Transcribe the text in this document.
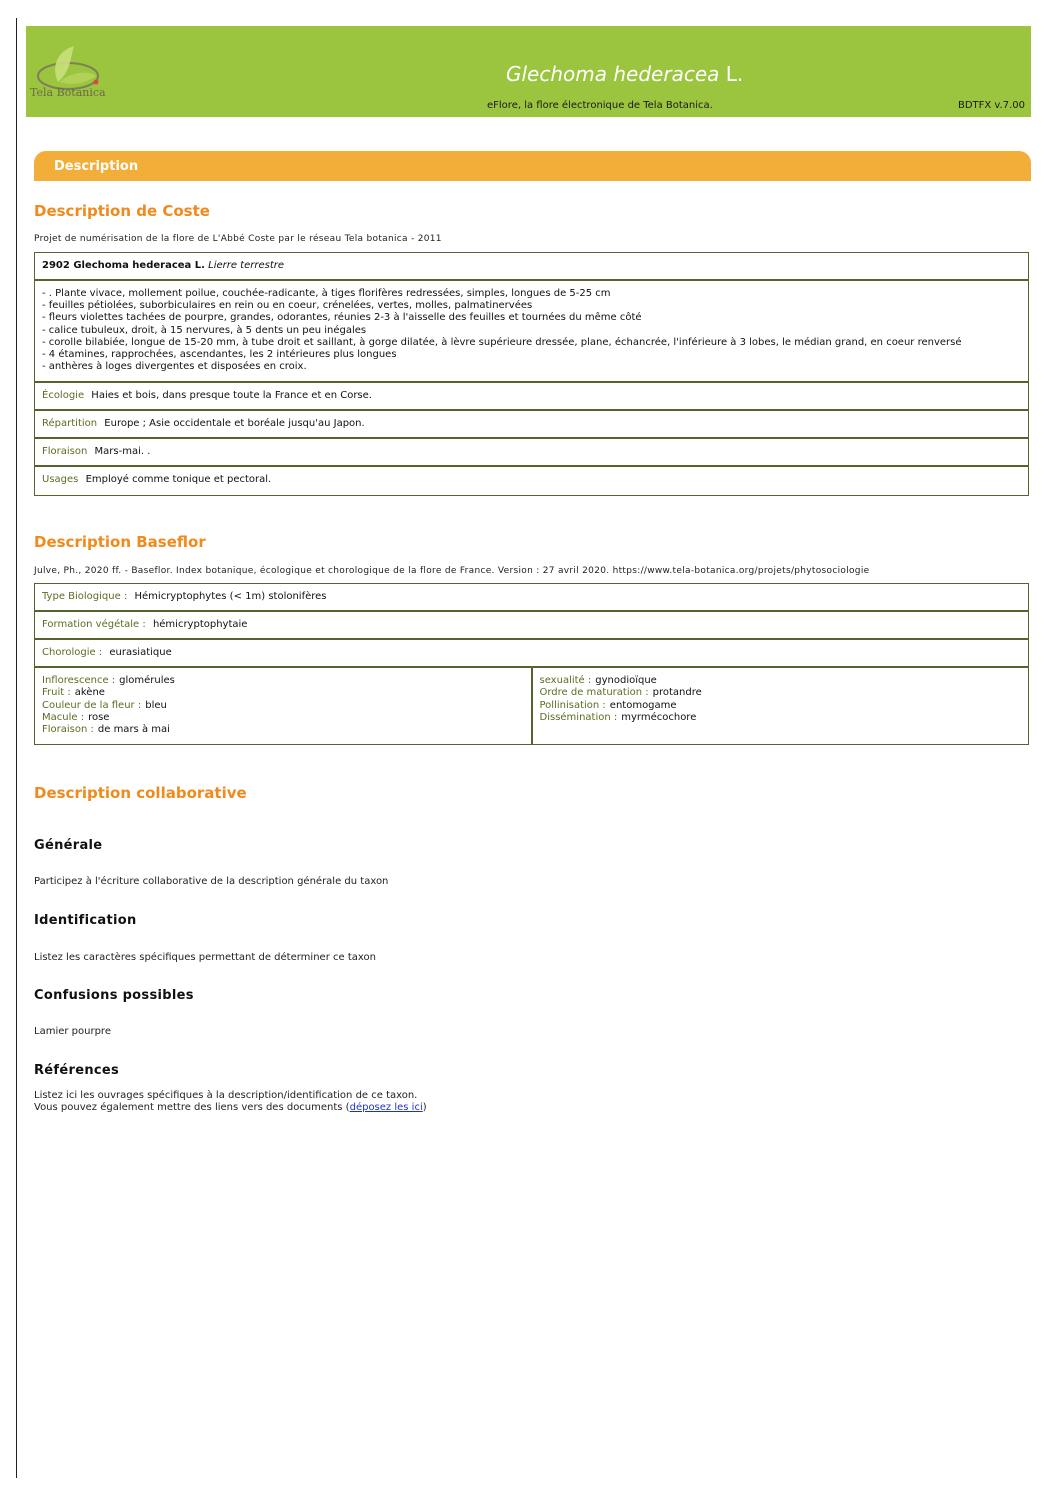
Tela Botanica
Glechoma hederacea L.
eFlore, la flore électronique de Tela Botanica.	BDTFX v.7.00
Description
Description de Coste
Projet de numérisation de la flore de L'Abbé Coste par le réseau Tela botanica - 2011
2902 Glechoma hederacea L. Lierre terrestre
- . Plante vivace, mollement poilue, couchée-radicante, à tiges florifères redressées, simples, longues de 5-25 cm
- feuilles pétiolées, suborbiculaires en rein ou en coeur, crénelées, vertes, molles, palmatinervées
- fleurs violettes tachées de pourpre, grandes, odorantes, réunies 2-3 à l'aisselle des feuilles et tournées du même côté
- calice tubuleux, droit, à 15 nervures, à 5 dents un peu inégales
- corolle bilabiée, longue de 15-20 mm, à tube droit et saillant, à gorge dilatée, à lèvre supérieure dressée, plane, échancrée, l'inférieure à 3 lobes, le médian grand, en coeur renversé
- 4 étamines, rapprochées, ascendantes, les 2 intérieures plus longues
- anthères à loges divergentes et disposées en croix.
Écologie Haies et bois, dans presque toute la France et en Corse.
Répartition Europe ; Asie occidentale et boréale jusqu'au Japon.
Floraison Mars-mai. .
Usages Employé comme tonique et pectoral.
Description Baseflor
Julve, Ph., 2020 ff. - Baseflor. Index botanique, écologique et chorologique de la flore de France. Version : 27 avril 2020. https://www.tela-botanica.org/projets/phytosociologie
Type Biologique : Hémicryptophytes (< 1m) stolonifères
Formation végétale : hémicryptophytaie
Chorologie : eurasiatique
Inflorescence : glomérules
Fruit : akène
Couleur de la fleur : bleu
Macule : rose
Floraison : de mars à mai
sexualité : gynodioïque
Ordre de maturation : protandre
Pollinisation : entomogame
Dissémination : myrmécochore
Description collaborative
Générale
Participez à l'écriture collaborative de la description générale du taxon
Identification
Listez les caractères spécifiques permettant de déterminer ce taxon
Confusions possibles
Lamier pourpre
Références
Listez ici les ouvrages spécifiques à la description/identification de ce taxon.
Vous pouvez également mettre des liens vers des documents (déposez les ici)
